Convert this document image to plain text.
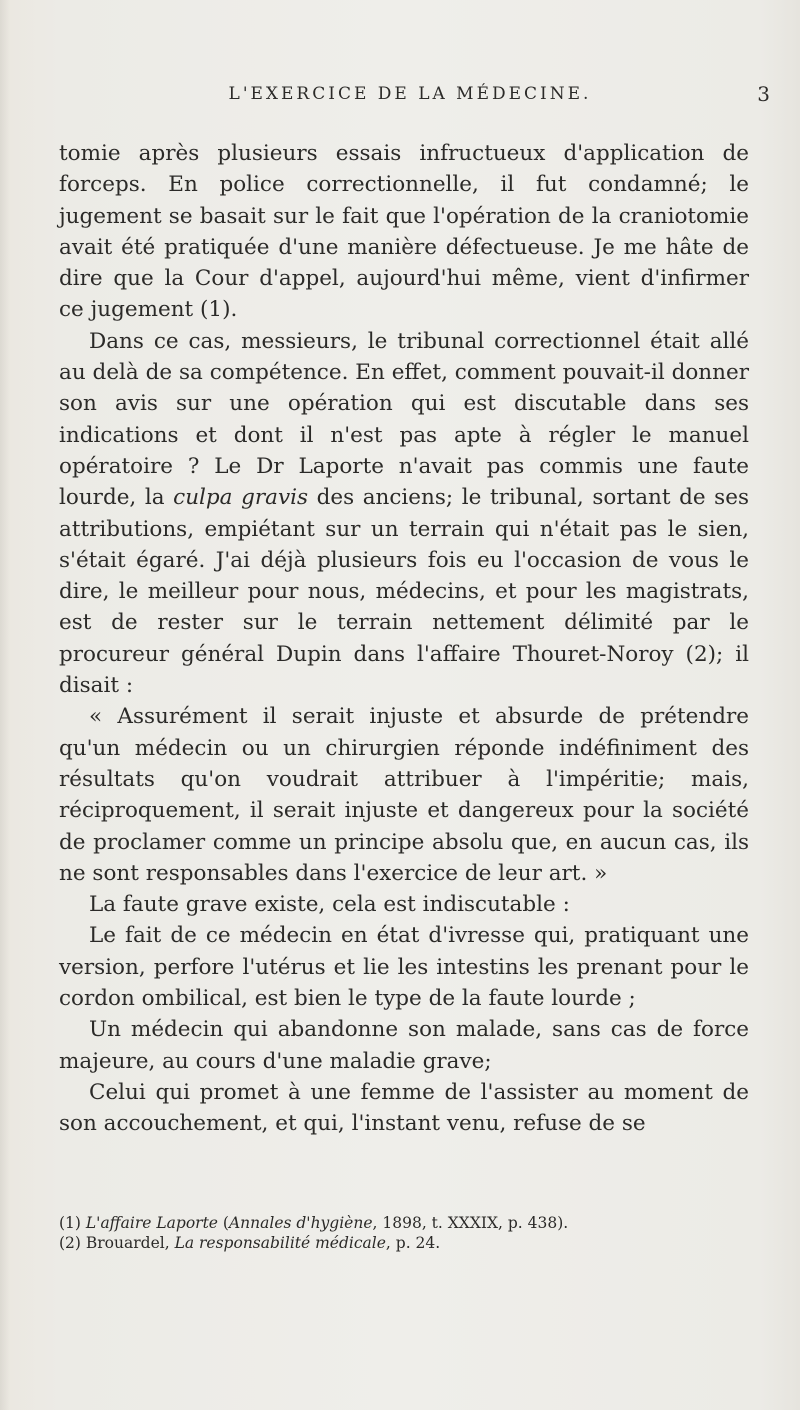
L'EXERCICE DE LA MÉDECINE.	3

tomie après plusieurs essais infructueux d'application de forceps. En police correctionnelle, il fut condamné; le jugement se basait sur le fait que l'opération de la craniotomie avait été pratiquée d'une manière défectueuse. Je me hâte de dire que la Cour d'appel, aujourd'hui même, vient d'infirmer ce jugement (1).

Dans ce cas, messieurs, le tribunal correctionnel était allé au delà de sa compétence. En effet, comment pouvait-il donner son avis sur une opération qui est discutable dans ses indications et dont il n'est pas apte à régler le manuel opératoire ? Le Dr Laporte n'avait pas commis une faute lourde, la culpa gravis des anciens; le tribunal, sortant de ses attributions, empiétant sur un terrain qui n'était pas le sien, s'était égaré. J'ai déjà plusieurs fois eu l'occasion de vous le dire, le meilleur pour nous, médecins, et pour les magistrats, est de rester sur le terrain nettement délimité par le procureur général Dupin dans l'affaire Thouret-Noroy (2); il disait :

« Assurément il serait injuste et absurde de prétendre qu'un médecin ou un chirurgien réponde indéfiniment des résultats qu'on voudrait attribuer à l'impéritie; mais, réciproquement, il serait injuste et dangereux pour la société de proclamer comme un principe absolu que, en aucun cas, ils ne sont responsables dans l'exercice de leur art. »

La faute grave existe, cela est indiscutable :

Le fait de ce médecin en état d'ivresse qui, pratiquant une version, perfore l'utérus et lie les intestins les prenant pour le cordon ombilical, est bien le type de la faute lourde ;

Un médecin qui abandonne son malade, sans cas de force majeure, au cours d'une maladie grave;

Celui qui promet à une femme de l'assister au moment de son accouchement, et qui, l'instant venu, refuse de se

(1) L'affaire Laporte (Annales d'hygiène, 1898, t. XXXIX, p. 438).

(2) Brouardel, La responsabilité médicale, p. 24.
